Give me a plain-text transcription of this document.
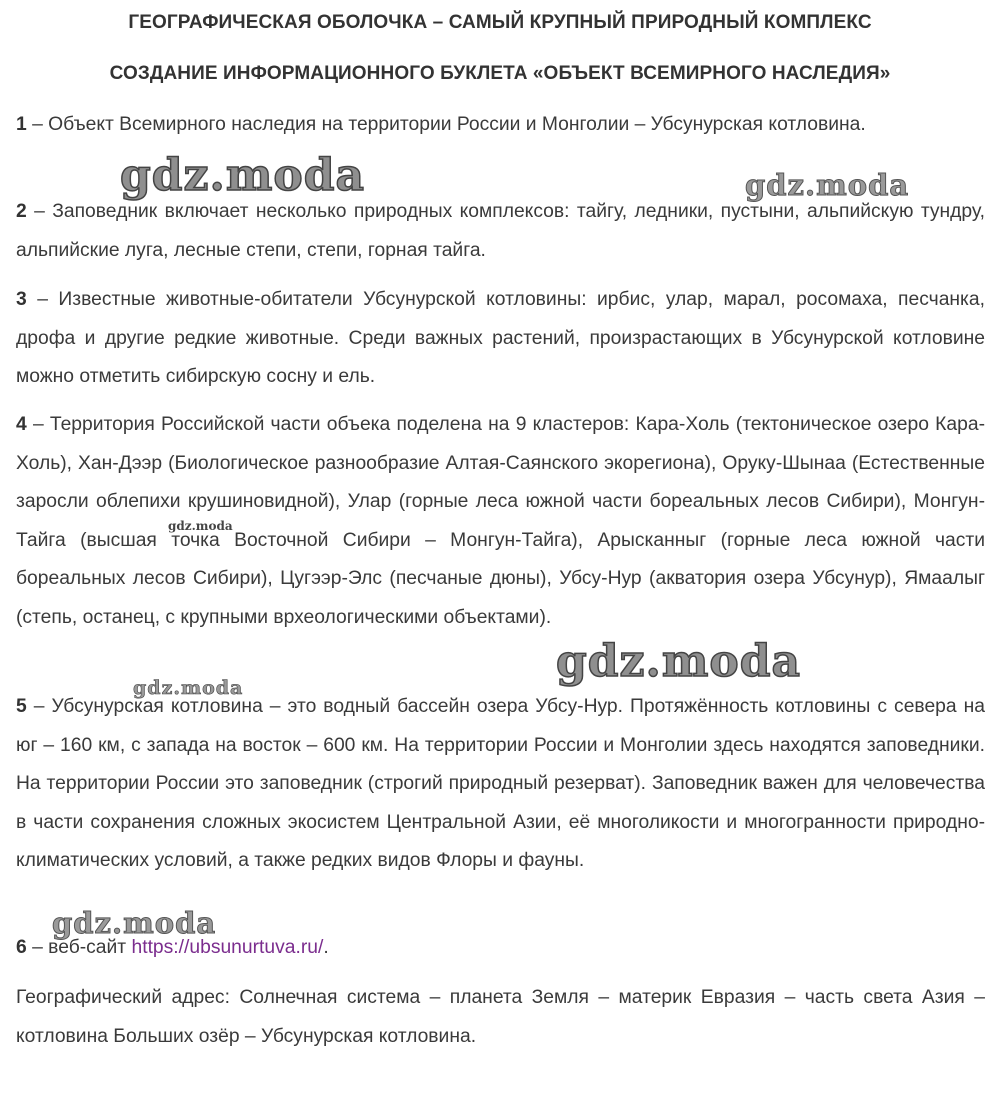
ГЕОГРАФИЧЕСКАЯ ОБОЛОЧКА – САМЫЙ КРУПНЫЙ ПРИРОДНЫЙ КОМПЛЕКС
СОЗДАНИЕ ИНФОРМАЦИОННОГО БУКЛЕТА «ОБЪЕКТ ВСЕМИРНОГО НАСЛЕДИЯ»

1 – Объект Всемирного наследия на территории России и Монголии – Убсунурская котловина.

2 – Заповедник включает несколько природных комплексов: тайгу, ледники, пустыни, альпийскую тундру, альпийские луга, лесные степи, степи, горная тайга.

3 – Известные животные-обитатели Убсунурской котловины: ирбис, улар, марал, росомаха, песчанка, дрофа и другие редкие животные. Среди важных растений, произрастающих в Убсунурской котловине можно отметить сибирскую сосну и ель.

4 – Территория Российской части объека поделена на 9 кластеров: Кара-Холь (тектоническое озеро Кара-Холь), Хан-Дээр (Биологическое разнообразие Алтая-Саянского экорегиона), Оруку-Шынаа (Естественные заросли облепихи крушиновидной), Улар (горные леса южной части бореальных лесов Сибири), Монгун-Тайга (высшая точка Восточной Сибири – Монгун-Тайга), Арысканныг (горные леса южной части бореальных лесов Сибири), Цугээр-Элс (песчаные дюны), Убсу-Нур (акватория озера Убсунур), Ямаалыг (степь, останец, с крупными врхеологическими объектами).

5 – Убсунурская котловина – это водный бассейн озера Убсу-Нур. Протяжённость котловины с севера на юг – 160 км, с запада на восток – 600 км. На территории России и Монголии здесь находятся заповедники. На территории России это заповедник (строгий природный резерват). Заповедник важен для человечества в части сохранения сложных экосистем Центральной Азии, её многоликости и многогранности природно-климатических условий, а также редких видов Флоры и фауны.

6 – веб-сайт https://ubsunurtuva.ru/.

Географический адрес: Солнечная система – планета Земля – материк Евразия – часть света Азия – котловина Больших озёр – Убсунурская котловина.

gdz.moda	gdz.moda
gdz.moda
gdz.moda
gdz.moda
gdz.moda
